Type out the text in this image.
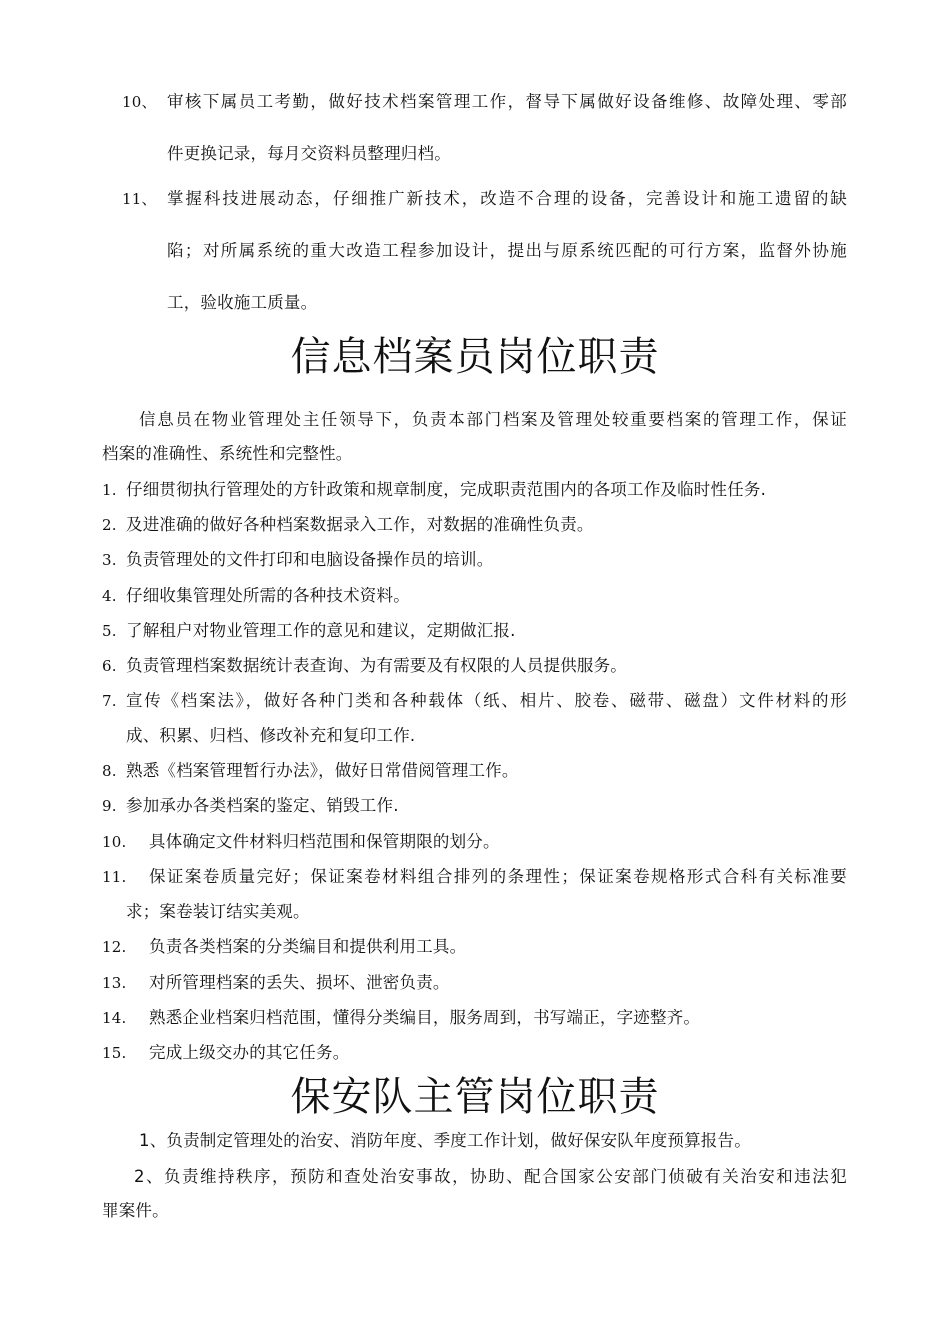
10、 审核下属员工考勤，做好技术档案管理工作，督导下属做好设备维修、故障处理、零部
件更换记录，每月交资料员整理归档。
11、 掌握科技进展动态，仔细推广新技术，改造不合理的设备，完善设计和施工遗留的缺
陷；对所属系统的重大改造工程参加设计，提出与原系统匹配的可行方案，监督外协施
工，验收施工质量。
信息档案员岗位职责
信息员在物业管理处主任领导下，负责本部门档案及管理处较重要档案的管理工作，保证
档案的准确性、系统性和完整性。
1. 仔细贯彻执行管理处的方针政策和规章制度，完成职责范围内的各项工作及临时性任务.
2. 及进准确的做好各种档案数据录入工作，对数据的准确性负责。
3. 负责管理处的文件打印和电脑设备操作员的培训。
4. 仔细收集管理处所需的各种技术资料。
5. 了解租户对物业管理工作的意见和建议，定期做汇报.
6. 负责管理档案数据统计表查询、为有需要及有权限的人员提供服务。
7. 宣传《档案法》，做好各种门类和各种载体（纸、相片、胶卷、磁带、磁盘）文件材料的形
成、积累、归档、修改补充和复印工作.
8. 熟悉《档案管理暂行办法》，做好日常借阅管理工作。
9. 参加承办各类档案的鉴定、销毁工作.
10. 具体确定文件材料归档范围和保管期限的划分。
11. 保证案卷质量完好；保证案卷材料组合排列的条理性；保证案卷规格形式合科有关标准要
求；案卷装订结实美观。
12. 负责各类档案的分类编目和提供利用工具。
13. 对所管理档案的丢失、损坏、泄密负责。
14. 熟悉企业档案归档范围，懂得分类编目，服务周到，书写端正，字迹整齐。
15. 完成上级交办的其它任务。
保安队主管岗位职责
1、负责制定管理处的治安、消防年度、季度工作计划，做好保安队年度预算报告。
2、负责维持秩序，预防和查处治安事故，协助、配合国家公安部门侦破有关治安和违法犯
罪案件。
